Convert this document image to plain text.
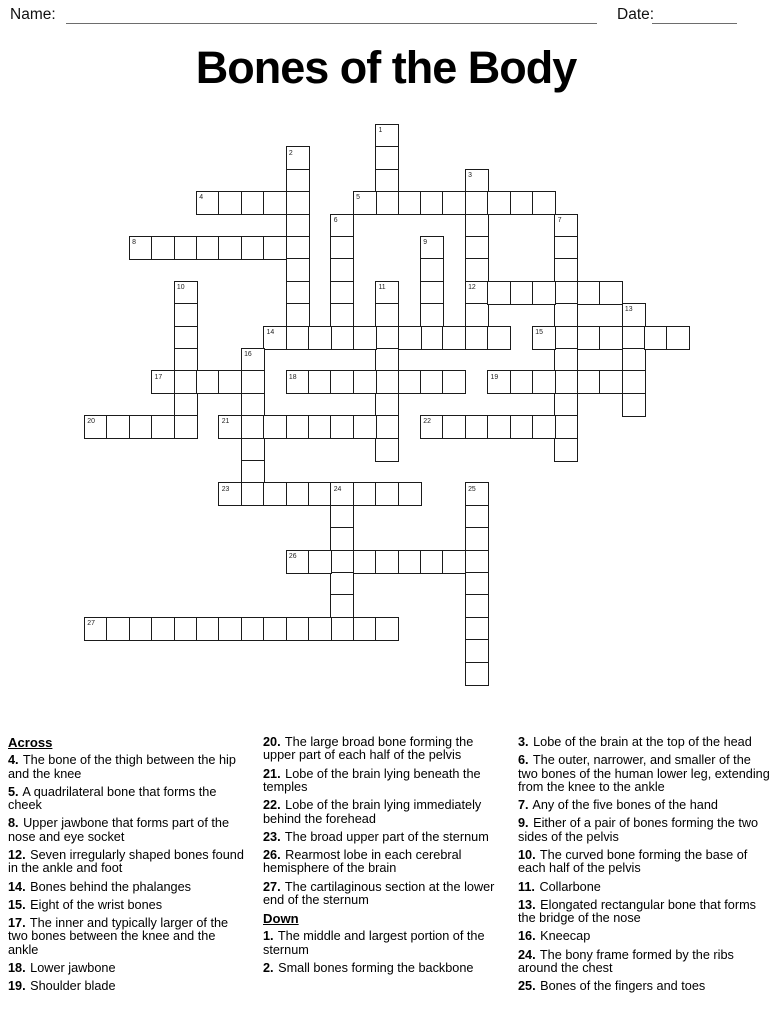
Name:	Date:
Bones of the Body
1
2
3
4	5
6	7
8	9
10	11	12
13
14	15
16
17	18	19
20	21	22
23	24	25
26
27

Across

4. The bone of the thigh between the hip and the knee

5. A quadrilateral bone that forms the cheek

8. Upper jawbone that forms part of the nose and eye socket

12. Seven irregularly shaped bones found in the ankle and foot

14. Bones behind the phalanges

15. Eight of the wrist bones

17. The inner and typically larger of the two bones between the knee and the ankle

18. Lower jawbone

19. Shoulder blade

20. The large broad bone forming the upper part of each half of the pelvis

21. Lobe of the brain lying beneath the temples

22. Lobe of the brain lying immediately behind the forehead

23. The broad upper part of the sternum

26. Rearmost lobe in each cerebral hemisphere of the brain

27. The cartilaginous section at the lower end of the sternum

Down

1. The middle and largest portion of the sternum

2. Small bones forming the backbone

3. Lobe of the brain at the top of the head

6. The outer, narrower, and smaller of the two bones of the human lower leg, extending from the knee to the ankle

7. Any of the five bones of the hand

9. Either of a pair of bones forming the two sides of the pelvis

10. The curved bone forming the base of each half of the pelvis

11. Collarbone

13. Elongated rectangular bone that forms the bridge of the nose

16. Kneecap

24. The bony frame formed by the ribs around the chest

25. Bones of the fingers and toes
